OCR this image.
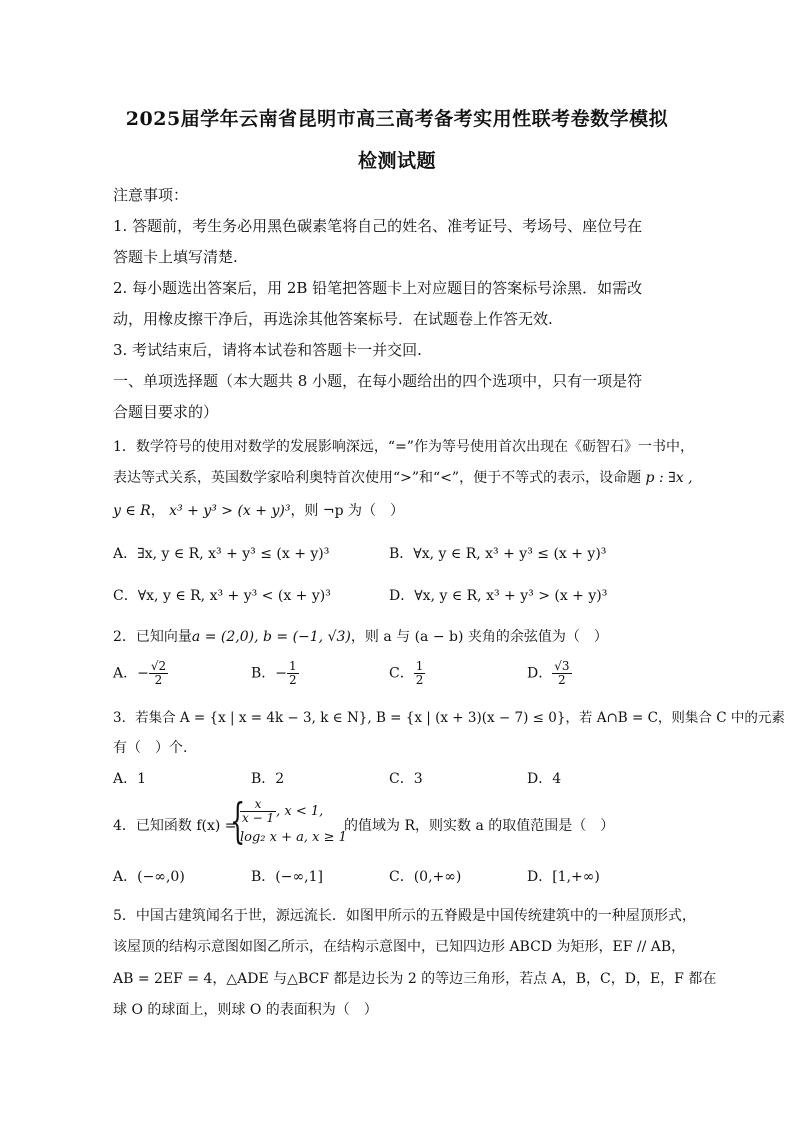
2025届学年云南省昆明市高三高考备考实用性联考卷数学模拟
检测试题
注意事项：
1. 答题前，考生务必用黑色碳素笔将自己的姓名、准考证号、考场号、座位号在
答题卡上填写清楚.
2. 每小题选出答案后，用 2B 铅笔把答题卡上对应题目的答案标号涂黑．如需改
动，用橡皮擦干净后，再选涂其他答案标号．在试题卷上作答无效.
3. 考试结束后，请将本试卷和答题卡一并交回.
一、单项选择题（本大题共 8 小题，在每小题给出的四个选项中，只有一项是符
合题目要求的）
1．数学符号的使用对数学的发展影响深远，“=”作为等号使用首次出现在《砺智石》一书中，
表达等式关系，英国数学家哈利奥特首次使用“>”和“<”，便于不等式的表示，设命题 p : ∃x ,
y ∈ R， x³ + y³ > (x + y)³，则 ¬p 为（　）
A．∃x, y ∈ R, x³ + y³ ≤ (x + y)³	B．∀x, y ∈ R, x³ + y³ ≤ (x + y)³
C．∀x, y ∈ R, x³ + y³ < (x + y)³	D．∀x, y ∈ R, x³ + y³ > (x + y)³
2．已知向量a = (2,0), b = (−1, √3)，则 a 与 (a − b) 夹角的余弦值为（　）
A．− $\frac{√2}{2}$	B．− $\frac{1}{2}$	C． $\frac{1}{2}$	D． $\frac{√3}{2}$
3．若集合 A = {x | x = 4k − 3, k ∈ N}, B = {x | (x + 3)(x − 7) ≤ 0}，若 A∩B = C，则集合 C 中的元素
有（　）个.
A．1	B．2	C．3	D．4
4．已知函数 f(x) =
{
$\frac{x}{x - 1}$ , x < 1,
log₂ x + a, x ≥ 1
的值域为 R，则实数 a 的取值范围是（　）
A．(−∞,0)	B．(−∞,1]	C．(0,+∞)	D．[1,+∞)
5．中国古建筑闻名于世，源远流长．如图甲所示的五脊殿是中国传统建筑中的一种屋顶形式，
该屋顶的结构示意图如图乙所示，在结构示意图中，已知四边形 ABCD 为矩形，EF // AB，
AB = 2EF = 4，△ADE 与△BCF 都是边长为 2 的等边三角形，若点 A，B，C，D，E，F 都在
球 O 的球面上，则球 O 的表面积为（　）
